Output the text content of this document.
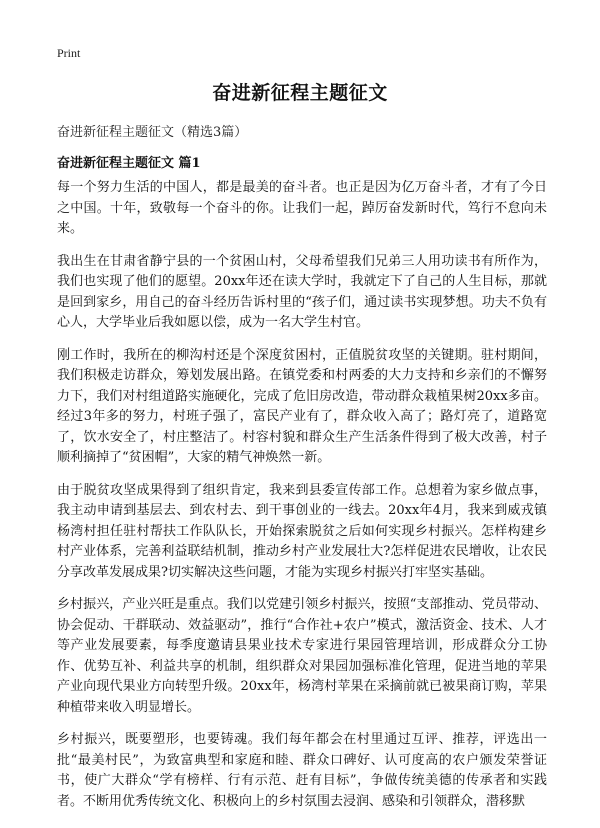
Print
奋进新征程主题征文
奋进新征程主题征文（精选3篇）
奋进新征程主题征文 篇1

每一个努力生活的中国人，都是最美的奋斗者。也正是因为亿万奋斗者，才有了今日之中国。十年，致敬每一个奋斗的你。让我们一起，踔厉奋发新时代，笃行不怠向未来。

我出生在甘肃省静宁县的一个贫困山村，父母希望我们兄弟三人用功读书有所作为，我们也实现了他们的愿望。20xx年还在读大学时，我就定下了自己的人生目标，那就是回到家乡，用自己的奋斗经历告诉村里的“孩子们，通过读书实现梦想。功夫不负有心人，大学毕业后我如愿以偿，成为一名大学生村官。

刚工作时，我所在的柳沟村还是个深度贫困村，正值脱贫攻坚的关键期。驻村期间，我们积极走访群众，筹划发展出路。在镇党委和村两委的大力支持和乡亲们的不懈努力下，我们对村组道路实施硬化，完成了危旧房改造，带动群众栽植果树20xx多亩。经过3年多的努力，村班子强了，富民产业有了，群众收入高了；路灯亮了，道路宽了，饮水安全了，村庄整洁了。村容村貌和群众生产生活条件得到了极大改善，村子顺利摘掉了“贫困帽”，大家的精气神焕然一新。

由于脱贫攻坚成果得到了组织肯定，我来到县委宣传部工作。总想着为家乡做点事，我主动申请到基层去、到农村去、到干事创业的一线去。20xx年4月，我来到威戎镇杨湾村担任驻村帮扶工作队队长，开始探索脱贫之后如何实现乡村振兴。怎样构建乡村产业体系，完善利益联结机制，推动乡村产业发展壮大?怎样促进农民增收，让农民分享改革发展成果?切实解决这些问题，才能为实现乡村振兴打牢坚实基础。

乡村振兴，产业兴旺是重点。我们以党建引领乡村振兴，按照“支部推动、党员带动、协会促动、干群联动、效益驱动”，推行“合作社+农户”模式，激活资金、技术、人才等产业发展要素，每季度邀请县果业技术专家进行果园管理培训，形成群众分工协作、优势互补、利益共享的机制，组织群众对果园加强标准化管理，促进当地的苹果产业向现代果业方向转型升级。20xx年，杨湾村苹果在采摘前就已被果商订购，苹果种植带来收入明显增长。

乡村振兴，既要塑形，也要铸魂。我们每年都会在村里通过互评、推荐，评选出一批“最美村民”，为致富典型和家庭和睦、群众口碑好、认可度高的农户颁发荣誉证书，使广大群众“学有榜样、行有示范、赶有目标”，争做传统美德的传承者和实践者。不断用优秀传统文化、积极向上的乡村氛围去浸润、感染和引领群众，潜移默
